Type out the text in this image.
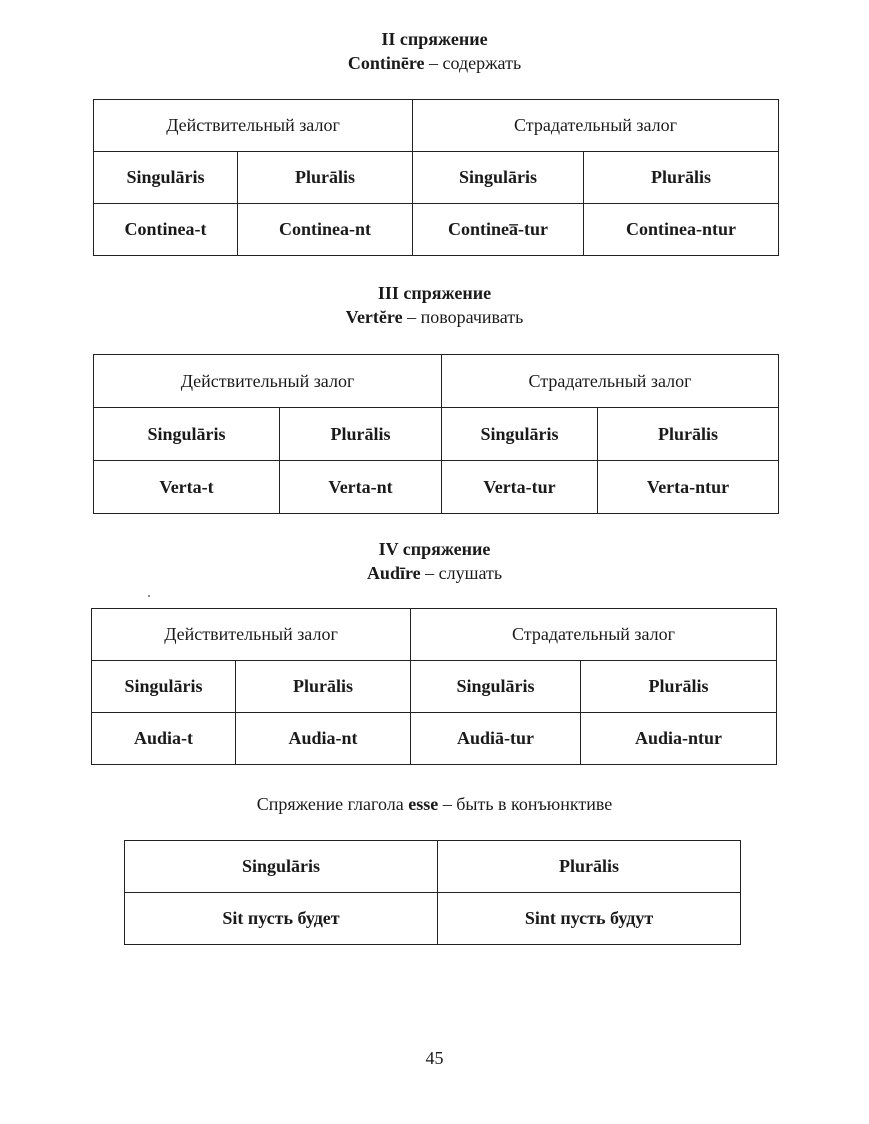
II спряжение
Continēre – содержать
Действительный залог		Страдательный залог	
Singulāris	Plurālis	Singulāris	Plurālis
Continea-t	Continea-nt	Continea̅-tur	Continea-ntur
III спряжение
Vertĕre – поворачивать
Действительный залог		Страдательный залог	
Singulāris	Plurālis	Singulāris	Plurālis
Verta-t	Verta-nt	Verta-tur	Verta-ntur
IV спряжение
Audīre – слушать
Действительный залог		Страдательный залог	
Singulāris	Plurālis	Singulāris	Plurālis
Audia-t	Audia-nt	Audiā-tur	Audia-ntur
Спряжение глагола esse – быть в конъюнктиве
Singulāris	Plurālis
Sit пусть будет	Sint пусть будут
45
